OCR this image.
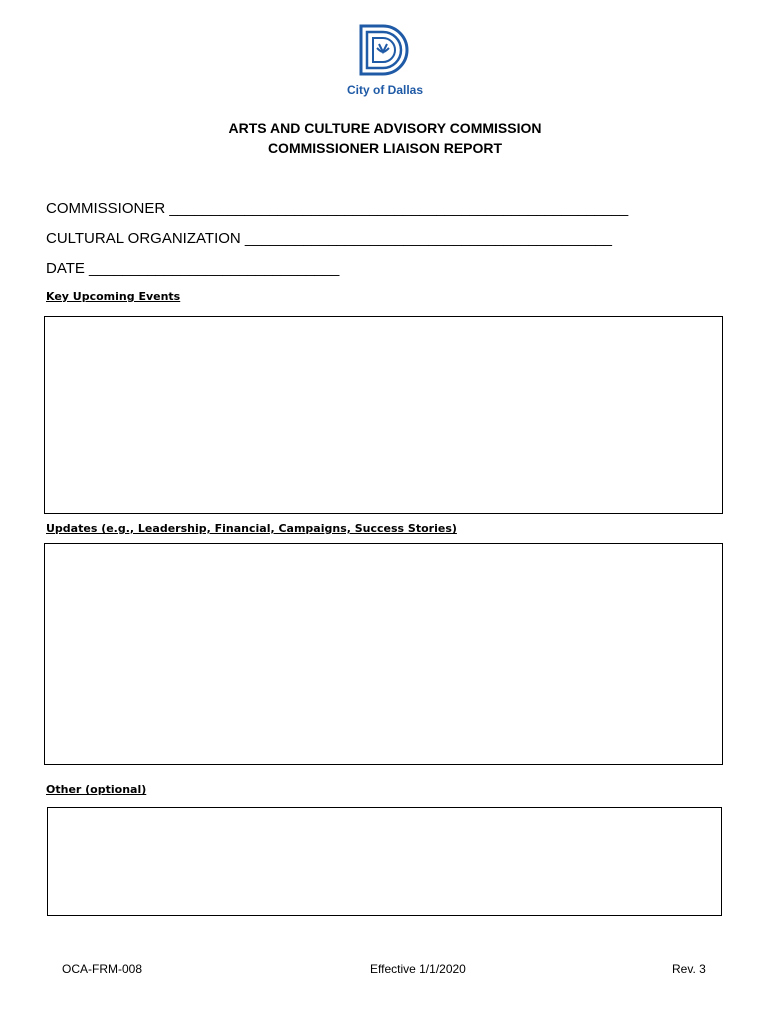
City of Dallas
ARTS AND CULTURE ADVISORY COMMISSION
COMMISSIONER LIAISON REPORT
COMMISSIONER _______________________________________________________
CULTURAL ORGANIZATION ____________________________________________
DATE ______________________________
Key Upcoming Events
Updates (e.g., Leadership, Financial, Campaigns, Success Stories)
Other (optional)
OCA-FRM-008	Effective 1/1/2020	Rev. 3
